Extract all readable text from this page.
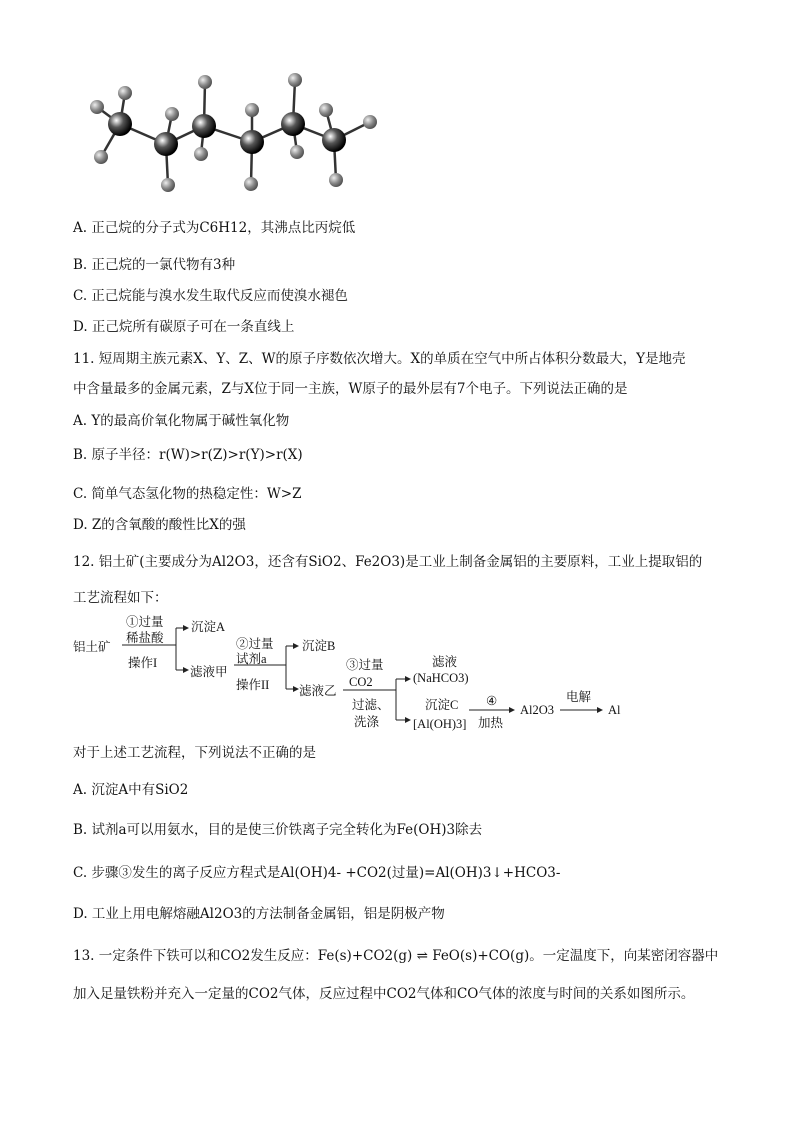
A. 正己烷的分子式为C6H12，其沸点比丙烷低
B. 正己烷的一氯代物有3种
C. 正己烷能与溴水发生取代反应而使溴水褪色
D. 正己烷所有碳原子可在一条直线上
11. 短周期主族元素X、Y、Z、W的原子序数依次增大。X的单质在空气中所占体积分数最大，Y是地壳
中含量最多的金属元素，Z与X位于同一主族，W原子的最外层有7个电子。下列说法正确的是
A. Y的最高价氧化物属于碱性氧化物
B. 原子半径：r(W)>r(Z)>r(Y)>r(X)
C. 简单气态氢化物的热稳定性：W>Z
D. Z的含氧酸的酸性比X的强
12. 铝土矿(主要成分为Al2O3，还含有SiO2、Fe2O3)是工业上制备金属铝的主要原料，工业上提取铝的
工艺流程如下：
铝土矿
①过量
稀盐酸
操作I
沉淀A
滤液甲
②过量
试剂a
操作II
沉淀B
滤液乙
③过量
CO2
过滤、
洗涤
滤液
(NaHCO3)
沉淀C
[Al(OH)3]
④
加热
Al2O3
电解
Al
对于上述工艺流程，下列说法不正确的是
A. 沉淀A中有SiO2
B. 试剂a可以用氨水，目的是使三价铁离子完全转化为Fe(OH)3除去
C. 步骤③发生的离子反应方程式是Al(OH)4- +CO2(过量)=Al(OH)3↓+HCO3-
D. 工业上用电解熔融Al2O3的方法制备金属铝，铝是阴极产物
13. 一定条件下铁可以和CO2发生反应：Fe(s)+CO2(g) ⇌ FeO(s)+CO(g)。一定温度下，向某密闭容器中
加入足量铁粉并充入一定量的CO2气体，反应过程中CO2气体和CO气体的浓度与时间的关系如图所示。
